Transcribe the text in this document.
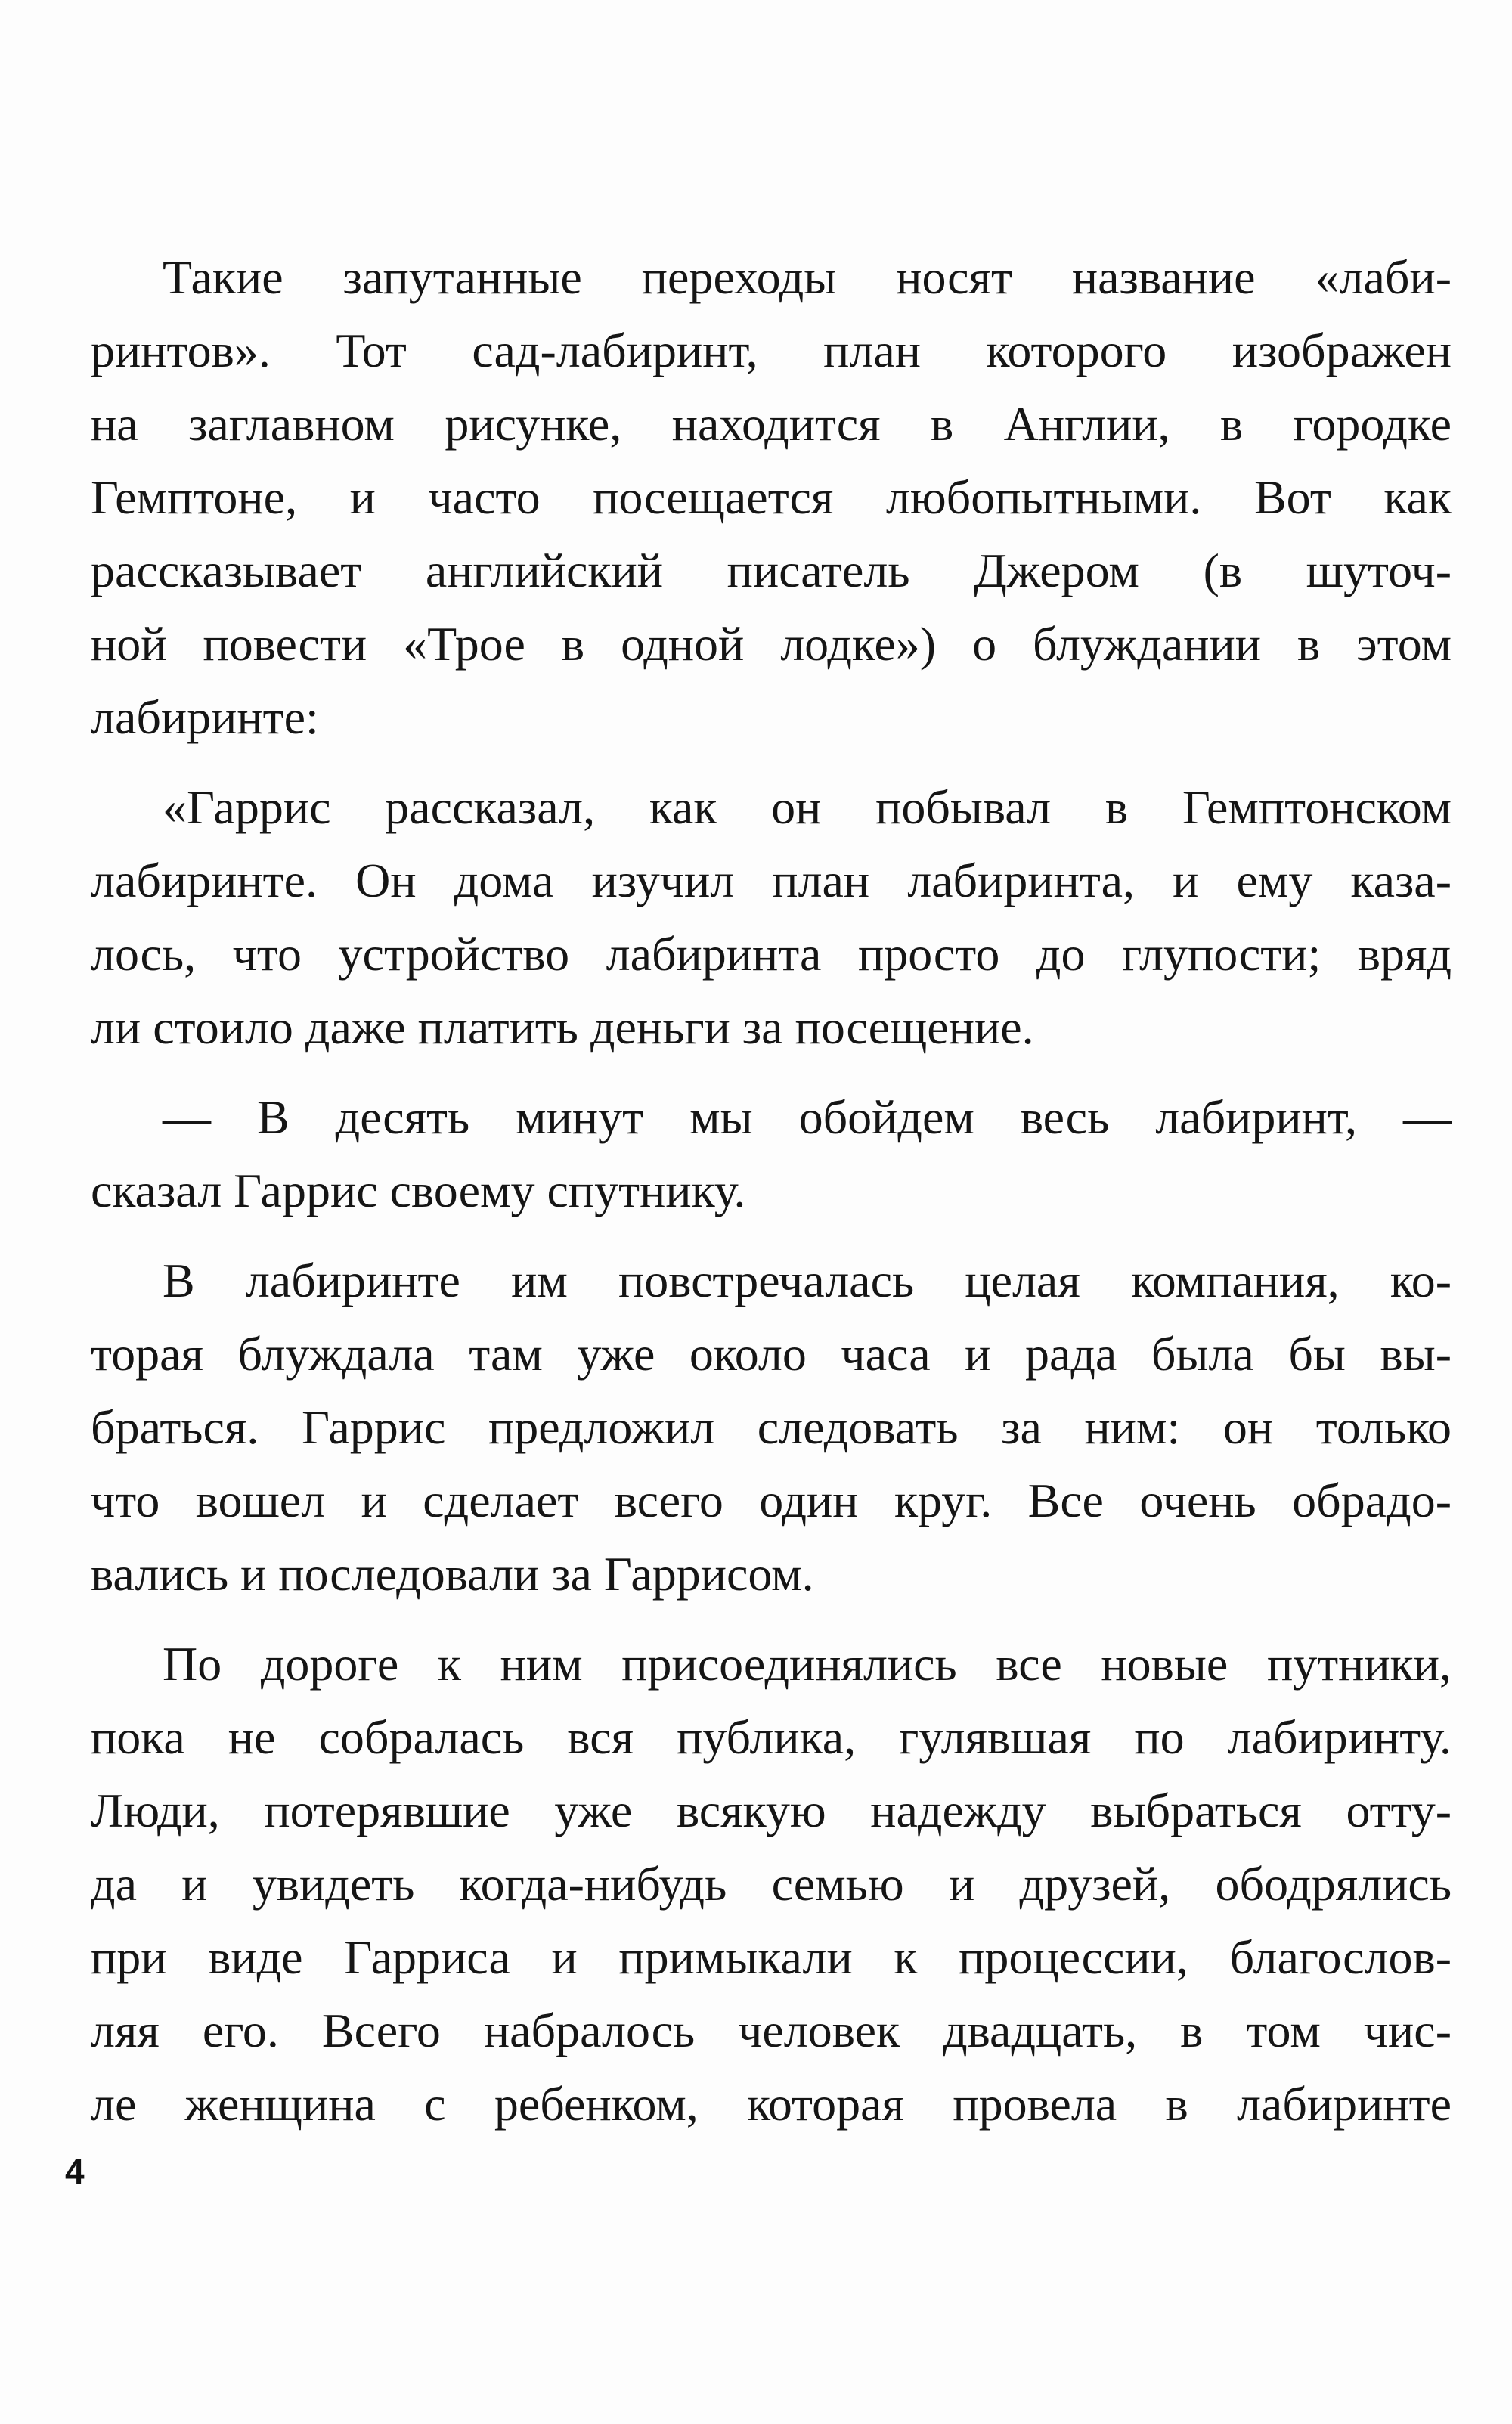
Такие запутанные переходы носят название «лаби-
ринтов». Тот сад-лабиринт, план которого изображен
на заглавном рисунке, находится в Англии, в городке
Гемптоне, и часто посещается любопытными. Вот как
рассказывает английский писатель Джером (в шуточ-
ной повести «Трое в одной лодке») о блуждании в этом
лабиринте:
«Гаррис рассказал, как он побывал в Гемптонском
лабиринте. Он дома изучил план лабиринта, и ему каза-
лось, что устройство лабиринта просто до глупости; вряд
ли стоило даже платить деньги за посещение.
— В десять минут мы обойдем весь лабиринт, —
сказал Гаррис своему спутнику.
В лабиринте им повстречалась целая компания, ко-
торая блуждала там уже около часа и рада была бы вы-
браться. Гаррис предложил следовать за ним: он только
что вошел и сделает всего один круг. Все очень обрадо-
вались и последовали за Гаррисом.
По дороге к ним присоединялись все новые путники,
пока не собралась вся публика, гулявшая по лабиринту.
Люди, потерявшие уже всякую надежду выбраться отту-
да и увидеть когда-нибудь семью и друзей, ободрялись
при виде Гарриса и примыкали к процессии, благослов-
ляя его. Всего набралось человек двадцать, в том чис-
ле женщина с ребенком, которая провела в лабиринте
4
